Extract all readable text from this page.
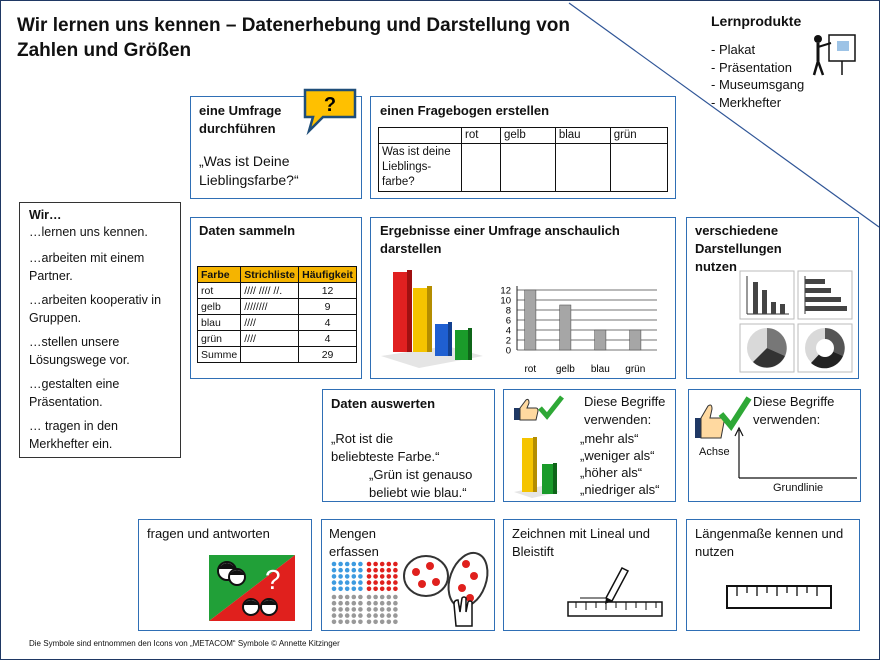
Wir lernen uns kennen – Datenerhebung und Darstellung von Zahlen und Größen
Lernprodukte
- Plakat
- Präsentation
- Museumsgang
- Merkhefter
Wir…
…lernen uns kennen.
…arbeiten mit einem Partner.
…arbeiten kooperativ in Gruppen.
…stellen unsere Lösungswege vor.
…gestalten eine Präsentation.
… tragen in den Merkhefter ein.
eine Umfrage durchführen
„Was ist Deine Lieblingsfarbe?“
?	einen Fragebogen erstellen
	rot	gelb	blau	grün
Was ist deine Lieblings-farbe?				
Daten sammeln
Farbe	Strichliste	Häufigkeit
rot	//// //// //.	12
gelb	////////	9
blau	////	4
grün	////	4
Summe		29
Ergebnisse einer Umfrage anschaulich darstellen
0
2
4
6
8
10
12
rot gelb blau grün
verschiedene Darstellungen nutzen
Daten auswerten
„Rot ist die beliebteste Farbe.“
„Grün ist genauso beliebt wie blau.“
Diese Begriffe verwenden:
„mehr als“
„weniger als“
„höher als“
„niedriger als“
Diese Begriffe verwenden:
Achse
Grundlinie
fragen und antworten
?
Mengen erfassen
Zeichnen mit Lineal und Bleistift
Längenmaße kennen und nutzen
Die Symbole sind entnommen den Icons von „METACOM“ Symbole © Annette Kitzinger
